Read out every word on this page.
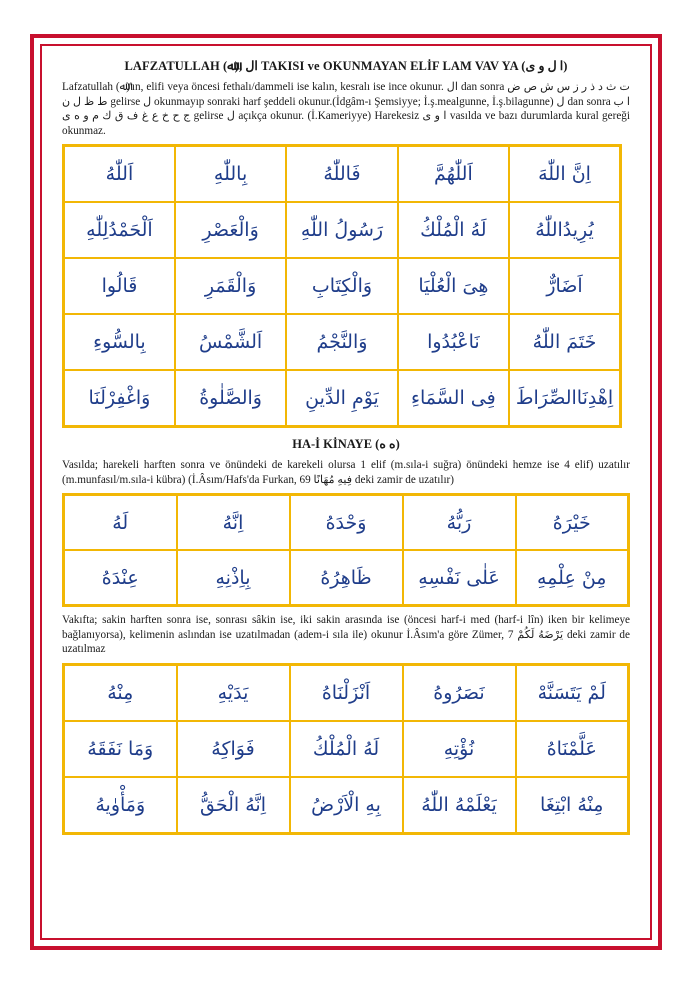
LAFZATULLAH (ﷲ), ال TAKISI ve OKUNMAYAN ELİF LAM VAV YA (ا ل و ى)

Lafzatullah (ﷲ)'ın, elifi veya öncesi fethalı/dammeli ise kalın, kesralı ise ince okunur. ال dan sonra ت ث د ذ ر ز س ش ص ض ط ظ ل ن gelirse ل okunmayıp sonraki harf şeddeli okunur.(İdgâm-ı Şemsiyye; İ.ş.mealgunne, İ.ş.bilagunne) ل dan sonra ا ب ج ح خ ع غ ف ق ك م و ه ى gelirse ل açıkça okunur. (İ.Kameriyye) Harekesiz ا و ى vasılda ve bazı durumlarda kural gereği okunmaz.

اَللّٰهُ	بِاللّٰهِ	فَاللّٰهُ	اَللّٰهُمَّ	اِنَّ اللّٰهَ
اَلْحَمْدُلِلّٰهِ	وَالْعَصْرِ	رَسُولُ اللّٰهِ	لَهُ الْمُلْكُ	يُرِيدُاللّٰهُ
قَالُوا	وَالْقَمَرِ	وَالْكِتَابِ	هِىَ الْعُلْيَا	اَضَارٌّ
بِالسُّوءِ	اَلشَّمْسُ	وَالنَّجْمُ	نَاعْبُدُوا	خَتَمَ اللّٰهُ
وَاغْفِرْلَنَا	وَالصَّلٰوةُ	يَوْمِ الدِّينِ	فِى السَّمَاءِ	اِهْدِنَاالصِّرَاطَ
HA-İ KİNAYE (ه ه)

Vasılda; harekeli harften sonra ve önündeki de karekeli olursa 1 elif (m.sıla-i suğra) önündeki hemze ise 4 elif) uzatılır (m.munfasıl/m.sıla-i kübra) (İ.Âsım/Hafs'da Furkan, 69 فِيهِ مُهَانًا deki zamir de uzatılır)

لَهُ	اِنَّهُ	وَحْدَهُ	رَبُّهُ	خَيْرَهُ
عِنْدَهُ	بِاِذْنِهِ	ظَاهِرُهُ	عَلٰى نَفْسِهِ	مِنْ عِلْمِهِ

Vakıfta; sakin harften sonra ise, sonrası sâkin ise, iki sakin arasında ise (öncesi harf-i med (harf-i lîn) iken bir kelimeye bağlanıyorsa), kelimenin aslından ise uzatılmadan (adem-i sıla ile) okunur İ.Âsım'a göre Zümer, 7 يَرْضَهُ لَكُمْ deki zamir de uzatılmaz

مِنْهُ	يَدَيْهِ	اَنْزَلْنَاهُ	نَصَرُوهُ	لَمْ يَتَسَنَّهْ
وَمَا نَفَقَهُ	فَوَاكِهُ	لَهُ الْمُلْكُ	نُؤْتِهِ	عَلَّمْنَاهُ
وَمَأْوٰيهُ	اِنَّهُ الْحَقُّ	بِهِ الْاَرْضُ	يَعْلَمْهُ اللّٰهُ	مِنْهُ ابْتِغَا
